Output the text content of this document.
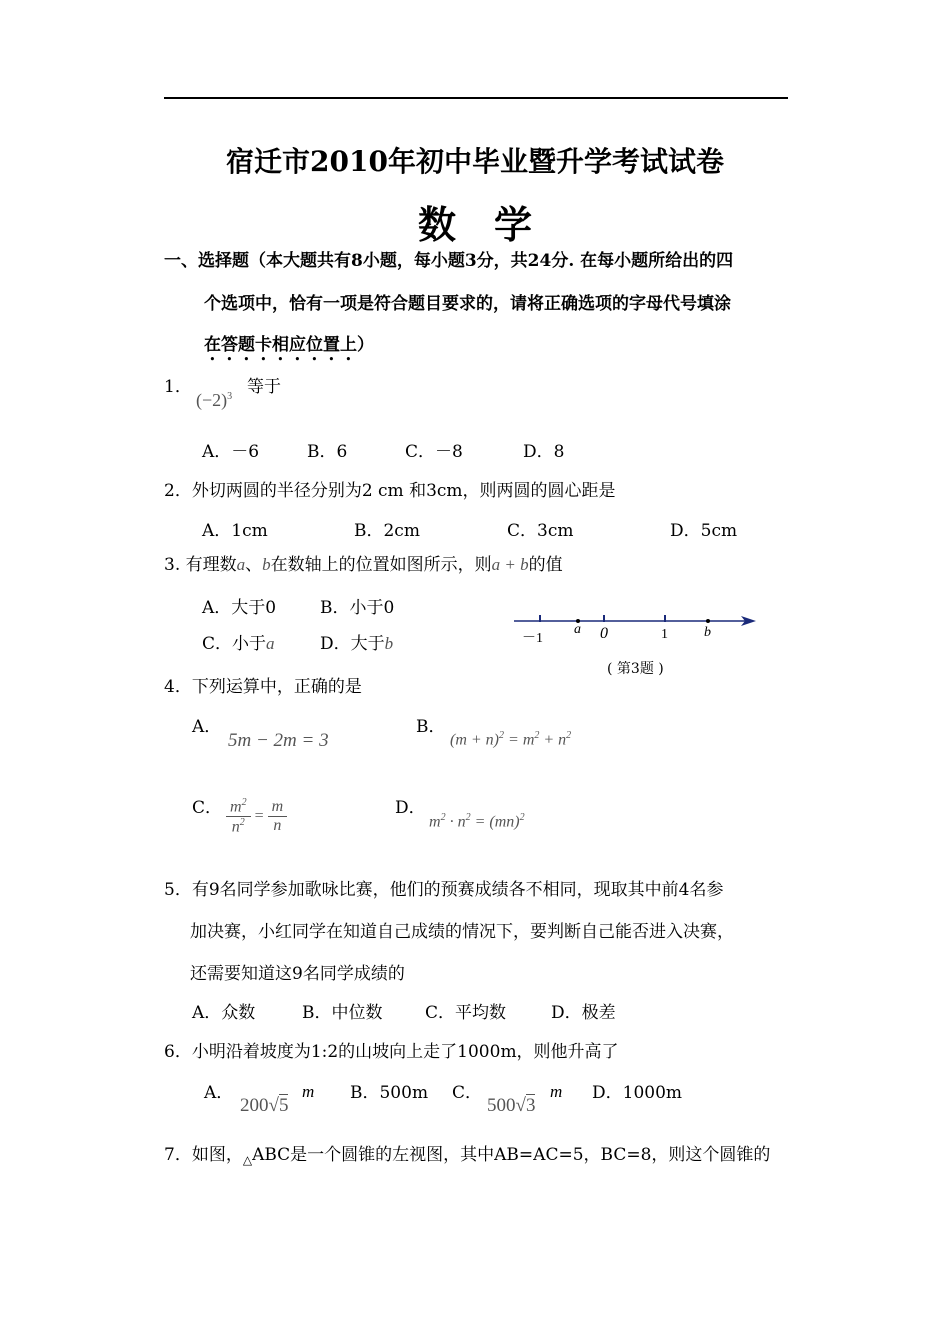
宿迁市2010年初中毕业暨升学考试试卷
数　学
一、选择题（本大题共有8小题，每小题3分，共24分. 在每小题所给出的四
个选项中，恰有一项是符合题目要求的，请将正确选项的字母代号填涂
在答题卡相应位置上）
1．
$(-2)^3$ 等于
A．－6	B．6	C．－8	D．8
2．外切两圆的半径分别为2 cm 和3cm，则两圆的圆心距是
A．1cm	B．2cm	C．3cm	D．5cm
3. 有理数a、b在数轴上的位置如图所示，则a + b的值
A．大于0	B．小于0
C．小于a	D．大于b	－1
a 0	1	b
( 第3题 )
4．下列运算中，正确的是
A．
5m − 2m = 3
B．
$(m + n)^2 = m^2 + n^2$
C． $\frac{m^2}{n^2} = \frac{m}{n}$	D．
$m^2 \cdot n^2 = (mn)^2$
5．有9名同学参加歌咏比赛，他们的预赛成绩各不相同，现取其中前4名参
加决赛，小红同学在知道自己成绩的情况下，要判断自己能否进入决赛，
还需要知道这9名同学成绩的
A．众数	B．中位数	C．平均数	D．极差
6．小明沿着坡度为1:2的山坡向上走了1000m，则他升高了
A．
200√5
m B．500m C．
500√3
m D．1000m
7．如图，$_\triangle$ABC是一个圆锥的左视图，其中AB=AC=5，BC=8，则这个圆锥的
